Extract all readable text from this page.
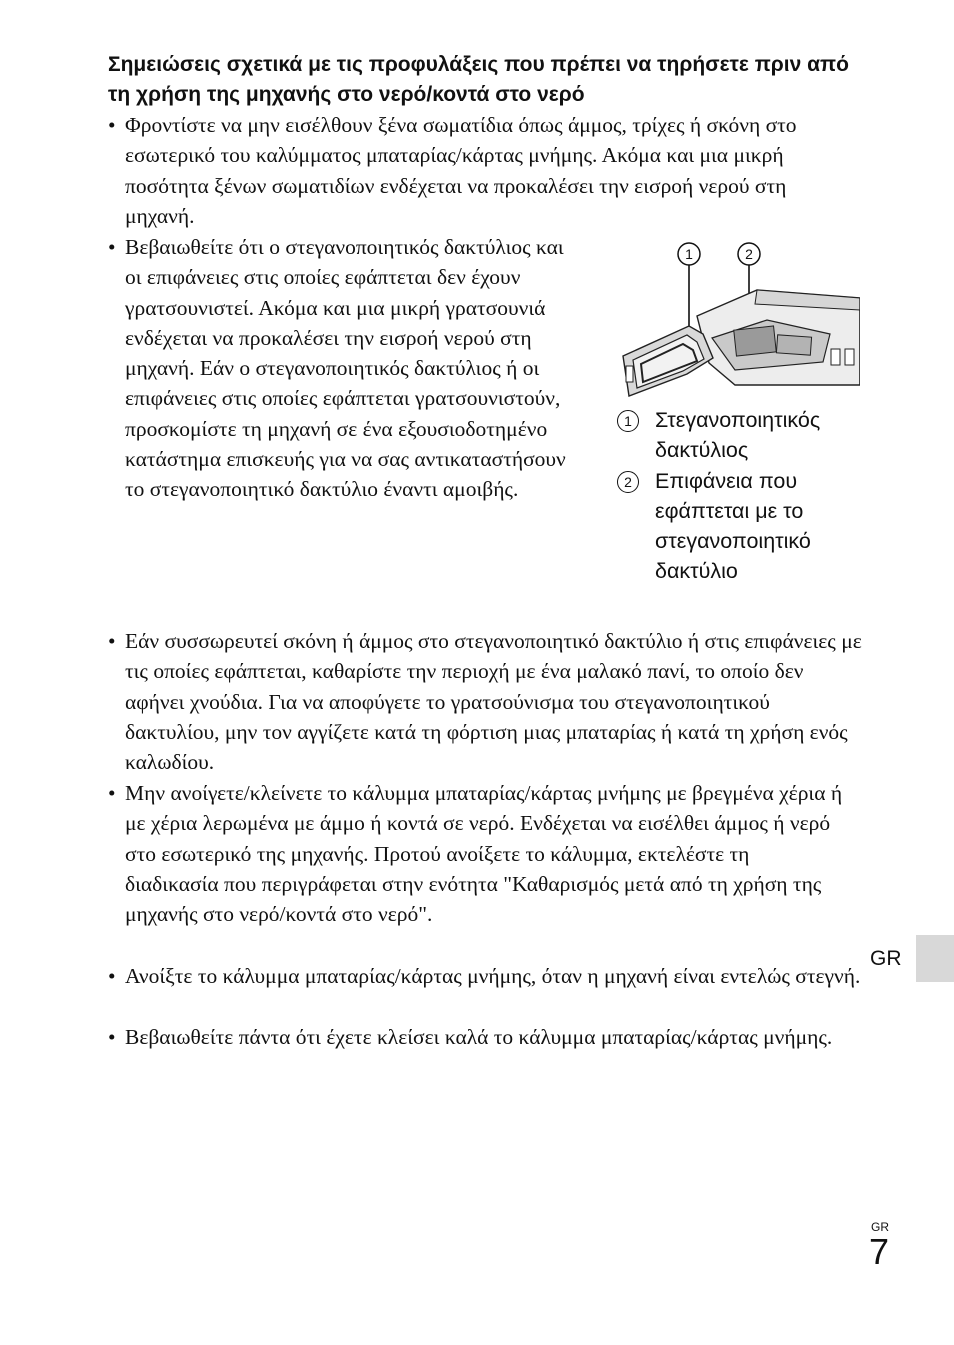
Σημειώσεις σχετικά με τις προφυλάξεις που πρέπει να τηρήσετε πριν από τη χρήση της μηχανής στο νερό/κοντά στο νερό

• Φροντίστε να μην εισέλθουν ξένα σωματίδια όπως άμμος, τρίχες ή σκόνη στο εσωτερικό του καλύμματος μπαταρίας/κάρτας μνήμης. Ακόμα και μια μικρή ποσότητα ξένων σωματιδίων ενδέχεται να προκαλέσει την εισροή νερού στη μηχανή.

• Βεβαιωθείτε ότι ο στεγανοποιητικός δακτύλιος και οι επιφάνειες στις οποίες εφάπτεται δεν έχουν γρατσουνιστεί. Ακόμα και μια μικρή γρατσουνιά ενδέχεται να προκαλέσει την εισροή νερού στη μηχανή. Εάν ο στεγανοποιητικός δακτύλιος ή οι επιφάνειες στις οποίες εφάπτεται γρατσουνιστούν, προσκομίστε τη μηχανή σε ένα εξουσιοδοτημένο κατάστημα επισκευής για να σας αντικαταστήσουν το στεγανοποιητικό δακτύλιο έναντι αμοιβής.

1	2
1	Στεγανοποιητικός δακτύλιος
2	Επιφάνεια που εφάπτεται με το στεγανοποιητικό δακτύλιο

• Εάν συσσωρευτεί σκόνη ή άμμος στο στεγανοποιητικό δακτύλιο ή στις επιφάνειες με τις οποίες εφάπτεται, καθαρίστε την περιοχή με ένα μαλακό πανί, το οποίο δεν αφήνει χνούδια. Για να αποφύγετε το γρατσούνισμα του στεγανοποιητικού δακτυλίου, μην τον αγγίζετε κατά τη φόρτιση μιας μπαταρίας ή κατά τη χρήση ενός καλωδίου.

• Μην ανοίγετε/κλείνετε το κάλυμμα μπαταρίας/κάρτας μνήμης με βρεγμένα χέρια ή με χέρια λερωμένα με άμμο ή κοντά σε νερό. Ενδέχεται να εισέλθει άμμος ή νερό στο εσωτερικό της μηχανής. Προτού ανοίξετε το κάλυμμα, εκτελέστε τη διαδικασία που περιγράφεται στην ενότητα "Καθαρισμός μετά από τη χρήση της μηχανής στο νερό/κοντά στο νερό".

• Ανοίξτε το κάλυμμα μπαταρίας/κάρτας μνήμης, όταν η μηχανή είναι εντελώς στεγνή.

• Βεβαιωθείτε πάντα ότι έχετε κλείσει καλά το κάλυμμα μπαταρίας/κάρτας μνήμης.

GR
GR
7
